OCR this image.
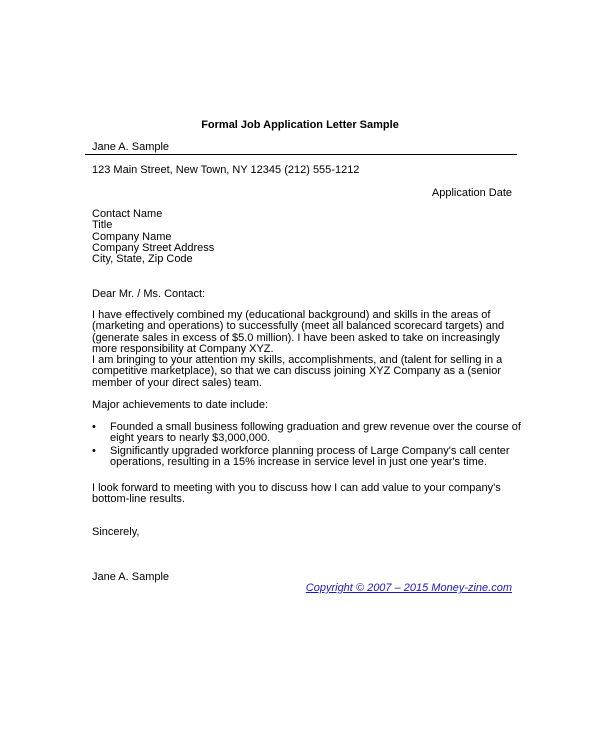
Formal Job Application Letter Sample
Jane A. Sample
123 Main Street, New Town, NY 12345 (212) 555-1212
Application Date
Contact Name
Title
Company Name
Company Street Address
City, State, Zip Code
Dear Mr. / Ms. Contact:
I have effectively combined my (educational background) and skills in the areas of (marketing and operations) to successfully (meet all balanced scorecard targets) and (generate sales in excess of $5.0 million). I have been asked to take on increasingly more responsibility at Company XYZ.
I am bringing to your attention my skills, accomplishments, and (talent for selling in a competitive marketplace), so that we can discuss joining XYZ Company as a (senior member of your direct sales) team.
Major achievements to date include:
• Founded a small business following graduation and grew revenue over the course of eight years to nearly $3,000,000.
• Significantly upgraded workforce planning process of Large Company's call center operations, resulting in a 15% increase in service level in just one year's time.
I look forward to meeting with you to discuss how I can add value to your company's bottom-line results.
Sincerely,
Jane A. Sample
Copyright © 2007 – 2015 Money-zine.com
